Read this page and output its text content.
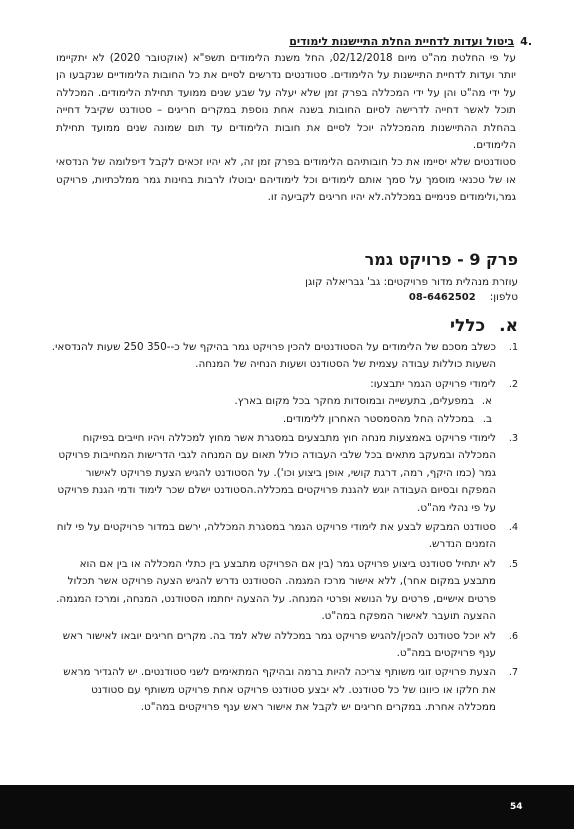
.4ביטול ועדות לדחיית החלת התיישנות לימודים

על פי החלטת מה"ט מיום 02/12/2018, החל משנת הלימודים תשפ"א (אוקטובר 2020) לא יתקיימו יותר ועדות לדחיית התיישנות על הלימודים. סטודנטים נדרשים לסיים את כל החובות הלימודיים שנקבעו הן על ידי מה"ט והן על ידי המכללה בפרק זמן שלא יעלה על שבע שנים ממועד תחילת הלימודים. המכללה תוכל לאשר דחייה לדרישה לסיום החובות בשנה אחת נוספת במקרים חריגים – סטודנט שקיבל דחייה בהחלת ההתיישנות מהמכללה יוכל לסיים את חובות הלימודים עד תום שמונה שנים ממועד תחילת הלימודים.

סטודנטים שלא יסיימו את כל חובותיהם הלימודים בפרק זמן זה, לא יהיו זכאים לקבל דיפלומה של הנדסאי או של טכנאי מוסמך על סמך אותם לימודים וכל לימודיהם יבוטלו לרבות בחינות גמר ממלכתיות, פרויקט גמר,ולימודים פנימיים במכללה.לא יהיו חריגים לקביעה זו.

פרק 9 - פרויקט גמר
עוזרת מנהלית מדור פרויקטים: גב' גבריאלה קוגן
טלפון:
08-6462502
א.כללי
1.
כשלב מסכם של הלימודים על הסטודנטים להכין פרויקט גמר בהיקף של כ--350 250 שעות להנדסאי. השעות כוללות עבודה עצמית של הסטודנט ושעות הנחיה של המנחה.
2.
לימודי פרויקט הגמר יתבצעו:
א.
במפעלים, בתעשייה ובמוסדות מחקר בכל מקום בארץ.
ב.
במכללה החל מהסמסטר האחרון ללימודים.
3.
לימודי פרויקט באמצעות מנחה חוץ מתבצעים במסגרת אשר מחוץ למכללה ויהיו חייבים בפיקוח המכללה ובמעקב מתאים בכל שלבי העבודה כולל תאום עם המנחה לגבי הדרישות המחייבות פרויקט גמר (כמו היקף, רמה, דרגת קושי, אופן ביצוע וכו'). על הסטודנט להגיש הצעת פרויקט לאישור המפקח ובסיום העבודה יוגש להגנת פרויקטים במכללה.הסטודנט ישלם שכר לימוד ודמי הגנת פרויקט על פי נהלי מה"ט.
4.
סטודנט המבקש לבצע את לימודי פרויקט הגמר במסגרת המכללה, ירשם במדור פרויקטים על פי לוח הזמנים הנדרש.
5.
לא יתחיל סטודנט ביצוע פרויקט גמר (בין אם הפרויקט מתבצע בין כתלי המכללה או בין אם הוא מתבצע במקום אחר), ללא אישור מרכז המגמה. הסטודנט נדרש להגיש הצעה פרויקט אשר תכלול פרטים אישיים, פרטים על הנושא ופרטי המנחה. על ההצעה יחתמו הסטודנט, המנחה, ומרכז המגמה. ההצעה תועבר לאישור המפקח במה"ט.
6.
לא יוכל סטודנט להכין/להגיש פרויקט גמר במכללה שלא למד בה. מקרים חריגים יובאו לאישור ראש ענף פרויקטים במה"ט.
7.
הצעת פרויקט זוגי משותף צריכה להיות ברמה ובהיקף המתאימים לשני סטודנטים. יש להגדיר מראש את חלקו או כיוונו של כל סטודנט. לא יבצע סטודנט פרויקט אחת פרויקט משותף עם סטודנט ממכללה אחרת. במקרים חריגים יש לקבל את אישור ראש ענף פרויקטים במה"ט.
54
